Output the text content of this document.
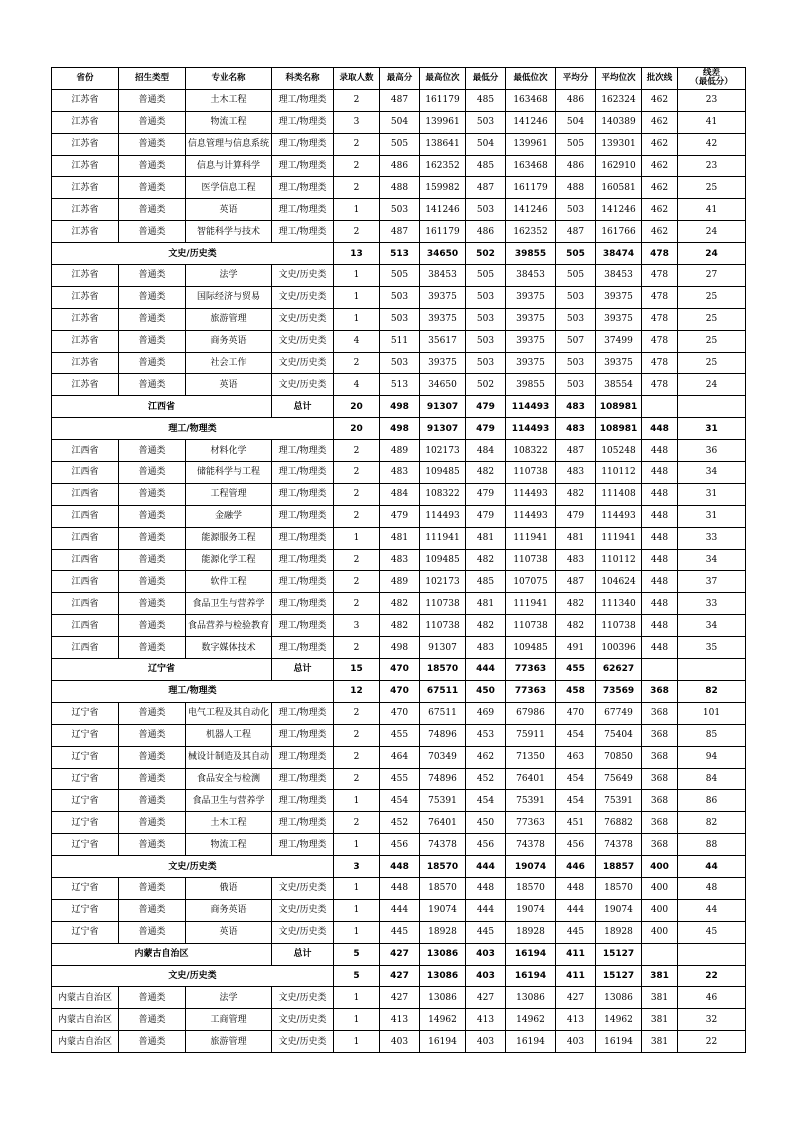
省份	招生类型	专业名称	科类名称	录取人数	最高分	最高位次	最低分	最低位次	平均分	平均位次	批次线	线差
（最低分）

江苏省	普通类	土木工程	理工/物理类	2	487	161179	485	163468	486	162324	462	23
江苏省	普通类	物流工程	理工/物理类	3	504	139961	503	141246	504	140389	462	41
江苏省	普通类	信息管理与信息系统	理工/物理类	2	505	138641	504	139961	505	139301	462	42
江苏省	普通类	信息与计算科学	理工/物理类	2	486	162352	485	163468	486	162910	462	23
江苏省	普通类	医学信息工程	理工/物理类	2	488	159982	487	161179	488	160581	462	25
江苏省	普通类	英语	理工/物理类	1	503	141246	503	141246	503	141246	462	41
江苏省	普通类	智能科学与技术	理工/物理类	2	487	161179	486	162352	487	161766	462	24
文史/历史类				13	513	34650	502	39855	505	38474	478	24
江苏省	普通类	法学	文史/历史类	1	505	38453	505	38453	505	38453	478	27
江苏省	普通类	国际经济与贸易	文史/历史类	1	503	39375	503	39375	503	39375	478	25
江苏省	普通类	旅游管理	文史/历史类	1	503	39375	503	39375	503	39375	478	25
江苏省	普通类	商务英语	文史/历史类	4	511	35617	503	39375	507	37499	478	25
江苏省	普通类	社会工作	文史/历史类	2	503	39375	503	39375	503	39375	478	25
江苏省	普通类	英语	文史/历史类	4	513	34650	502	39855	503	38554	478	24
江西省			总计	20	498	91307	479	114493	483	108981		
理工/物理类				20	498	91307	479	114493	483	108981	448	31
江西省	普通类	材料化学	理工/物理类	2	489	102173	484	108322	487	105248	448	36
江西省	普通类	储能科学与工程	理工/物理类	2	483	109485	482	110738	483	110112	448	34
江西省	普通类	工程管理	理工/物理类	2	484	108322	479	114493	482	111408	448	31
江西省	普通类	金融学	理工/物理类	2	479	114493	479	114493	479	114493	448	31
江西省	普通类	能源服务工程	理工/物理类	1	481	111941	481	111941	481	111941	448	33
江西省	普通类	能源化学工程	理工/物理类	2	483	109485	482	110738	483	110112	448	34
江西省	普通类	软件工程	理工/物理类	2	489	102173	485	107075	487	104624	448	37
江西省	普通类	食品卫生与营养学	理工/物理类	2	482	110738	481	111941	482	111340	448	33
江西省	普通类	食品营养与检验教育	理工/物理类	3	482	110738	482	110738	482	110738	448	34
江西省	普通类	数字媒体技术	理工/物理类	2	498	91307	483	109485	491	100396	448	35
辽宁省			总计	15	470	18570	444	77363	455	62627		
理工/物理类				12	470	67511	450	77363	458	73569	368	82
辽宁省	普通类	电气工程及其自动化	理工/物理类	2	470	67511	469	67986	470	67749	368	101
辽宁省	普通类	机器人工程	理工/物理类	2	455	74896	453	75911	454	75404	368	85
辽宁省	普通类	械设计制造及其自动	理工/物理类	2	464	70349	462	71350	463	70850	368	94
辽宁省	普通类	食品安全与检测	理工/物理类	2	455	74896	452	76401	454	75649	368	84
辽宁省	普通类	食品卫生与营养学	理工/物理类	1	454	75391	454	75391	454	75391	368	86
辽宁省	普通类	土木工程	理工/物理类	2	452	76401	450	77363	451	76882	368	82
辽宁省	普通类	物流工程	理工/物理类	1	456	74378	456	74378	456	74378	368	88
文史/历史类				3	448	18570	444	19074	446	18857	400	44
辽宁省	普通类	俄语	文史/历史类	1	448	18570	448	18570	448	18570	400	48
辽宁省	普通类	商务英语	文史/历史类	1	444	19074	444	19074	444	19074	400	44
辽宁省	普通类	英语	文史/历史类	1	445	18928	445	18928	445	18928	400	45
内蒙古自治区			总计	5	427	13086	403	16194	411	15127		
文史/历史类				5	427	13086	403	16194	411	15127	381	22
内蒙古自治区	普通类	法学	文史/历史类	1	427	13086	427	13086	427	13086	381	46
内蒙古自治区	普通类	工商管理	文史/历史类	1	413	14962	413	14962	413	14962	381	32
内蒙古自治区	普通类	旅游管理	文史/历史类	1	403	16194	403	16194	403	16194	381	22
